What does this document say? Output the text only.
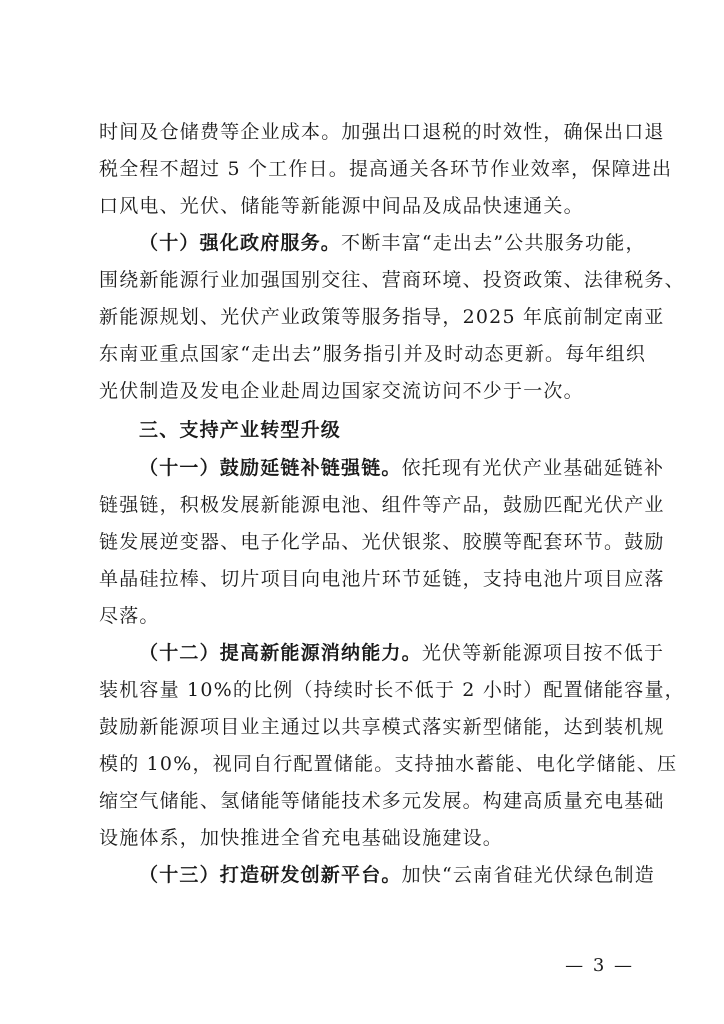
时间及仓储费等企业成本。加强出口退税的时效性，确保出口退
税全程不超过 5 个工作日。提高通关各环节作业效率，保障进出
口风电、光伏、储能等新能源中间品及成品快速通关。
（十）强化政府服务。不断丰富“走出去”公共服务功能，
围绕新能源行业加强国别交往、营商环境、投资政策、法律税务、
新能源规划、光伏产业政策等服务指导，2025 年底前制定南亚
东南亚重点国家“走出去”服务指引并及时动态更新。每年组织
光伏制造及发电企业赴周边国家交流访问不少于一次。
三、支持产业转型升级
（十一）鼓励延链补链强链。依托现有光伏产业基础延链补
链强链，积极发展新能源电池、组件等产品，鼓励匹配光伏产业
链发展逆变器、电子化学品、光伏银浆、胶膜等配套环节。鼓励
单晶硅拉棒、切片项目向电池片环节延链，支持电池片项目应落
尽落。
（十二）提高新能源消纳能力。光伏等新能源项目按不低于
装机容量 10%的比例（持续时长不低于 2 小时）配置储能容量，
鼓励新能源项目业主通过以共享模式落实新型储能，达到装机规
模的 10%，视同自行配置储能。支持抽水蓄能、电化学储能、压
缩空气储能、氢储能等储能技术多元发展。构建高质量充电基础
设施体系，加快推进全省充电基础设施建设。
（十三）打造研发创新平台。加快“云南省硅光伏绿色制造
— 3 —
